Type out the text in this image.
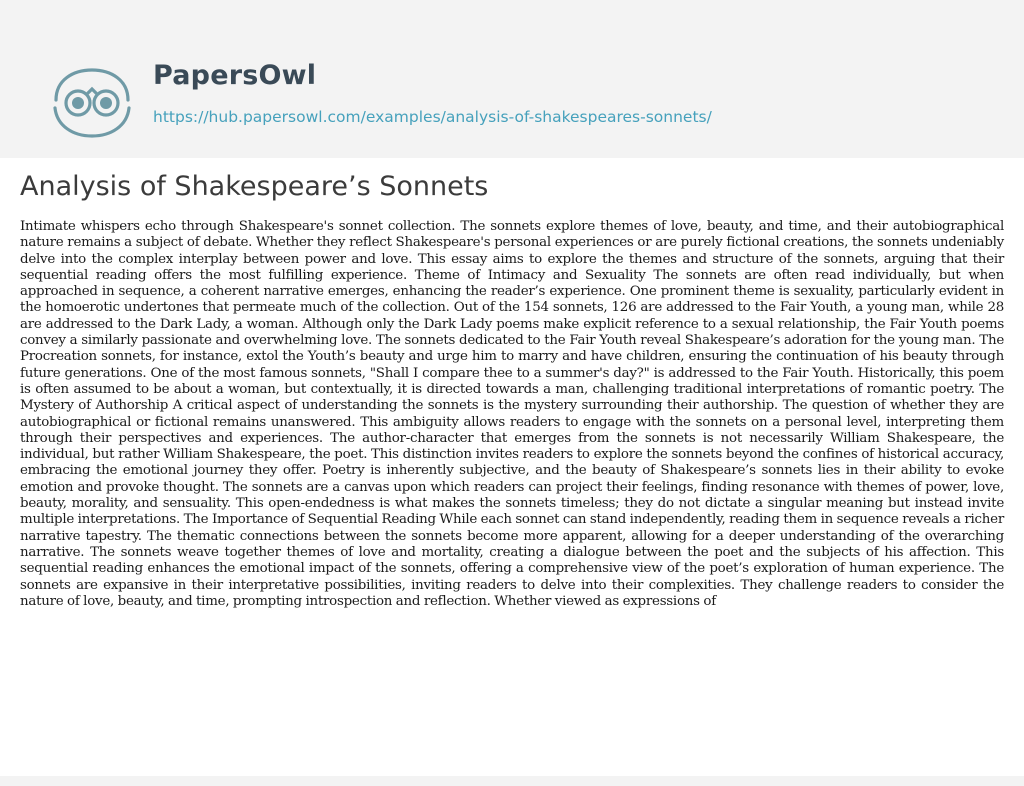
PapersOwl
https://hub.papersowl.com/examples/analysis-of-shakespeares-sonnets/
Analysis of Shakespeare’s Sonnets

Intimate whispers echo through Shakespeare's sonnet collection. The sonnets explore themes of love, beauty, and time, and their autobiographical nature remains a subject of debate. Whether they reflect Shakespeare's personal experiences or are purely fictional creations, the sonnets undeniably delve into the complex interplay between power and love. This essay aims to explore the themes and structure of the sonnets, arguing that their sequential reading offers the most fulfilling experience. Theme of Intimacy and Sexuality The sonnets are often read individually, but when approached in sequence, a coherent narrative emerges, enhancing the reader’s experience. One prominent theme is sexuality, particularly evident in the homoerotic undertones that permeate much of the collection. Out of the 154 sonnets, 126 are addressed to the Fair Youth, a young man, while 28 are addressed to the Dark Lady, a woman. Although only the Dark Lady poems make explicit reference to a sexual relationship, the Fair Youth poems convey a similarly passionate and overwhelming love. The sonnets dedicated to the Fair Youth reveal Shakespeare’s adoration for the young man. The Procreation sonnets, for instance, extol the Youth’s beauty and urge him to marry and have children, ensuring the continuation of his beauty through future generations. One of the most famous sonnets, "Shall I compare thee to a summer's day?" is addressed to the Fair Youth. Historically, this poem is often assumed to be about a woman, but contextually, it is directed towards a man, challenging traditional interpretations of romantic poetry. The Mystery of Authorship A critical aspect of understanding the sonnets is the mystery surrounding their authorship. The question of whether they are autobiographical or fictional remains unanswered. This ambiguity allows readers to engage with the sonnets on a personal level, interpreting them through their perspectives and experiences. The author-character that emerges from the sonnets is not necessarily William Shakespeare, the individual, but rather William Shakespeare, the poet. This distinction invites readers to explore the sonnets beyond the confines of historical accuracy, embracing the emotional journey they offer. Poetry is inherently subjective, and the beauty of Shakespeare’s sonnets lies in their ability to evoke emotion and provoke thought. The sonnets are a canvas upon which readers can project their feelings, finding resonance with themes of power, love, beauty, morality, and sensuality. This open-endedness is what makes the sonnets timeless; they do not dictate a singular meaning but instead invite multiple interpretations. The Importance of Sequential Reading While each sonnet can stand independently, reading them in sequence reveals a richer narrative tapestry. The thematic connections between the sonnets become more apparent, allowing for a deeper understanding of the overarching narrative. The sonnets weave together themes of love and mortality, creating a dialogue between the poet and the subjects of his affection. This sequential reading enhances the emotional impact of the sonnets, offering a comprehensive view of the poet’s exploration of human experience. The sonnets are expansive in their interpretative possibilities, inviting readers to delve into their complexities. They challenge readers to consider the nature of love, beauty, and time, prompting introspection and reflection. Whether viewed as expressions of
